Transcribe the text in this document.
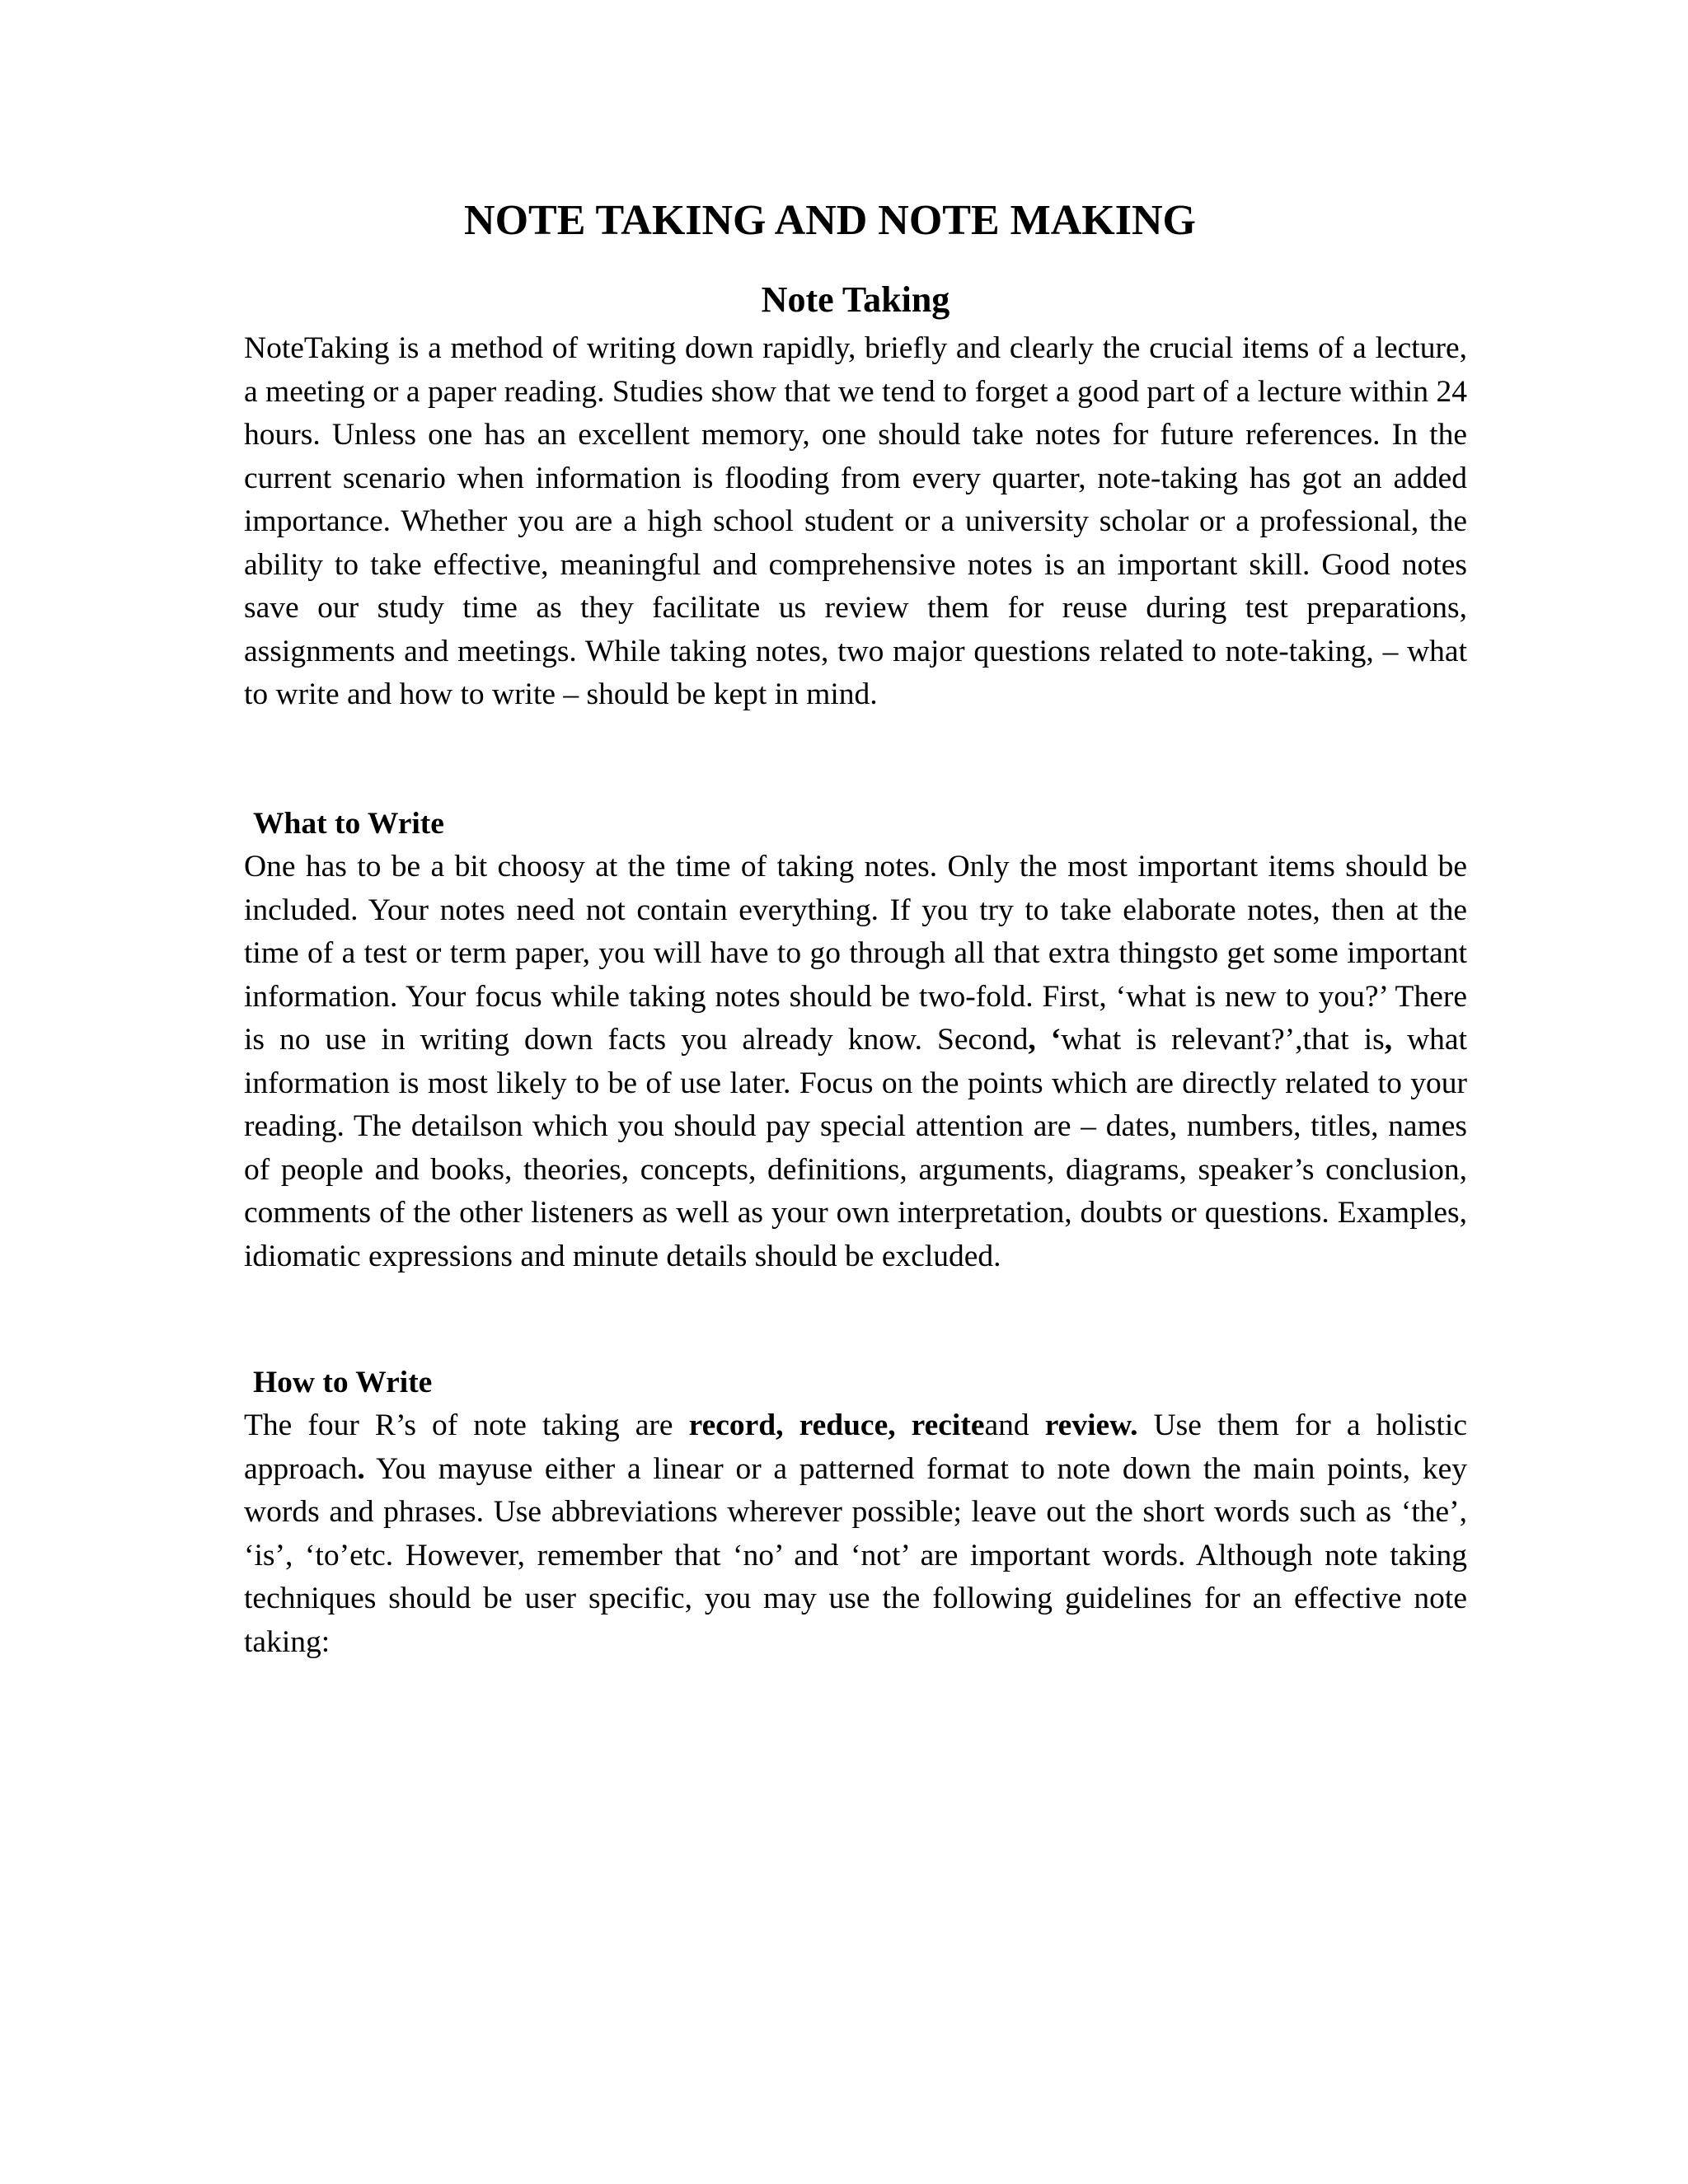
NOTE TAKING AND NOTE MAKING
Note Taking

NoteTaking is a method of writing down rapidly, briefly and clearly the crucial items of a lecture, a meeting or a paper reading. Studies show that we tend to forget a good part of a lecture within 24 hours. Unless one has an excellent memory, one should take notes for future references. In the current scenario when information is flooding from every quarter, note-taking has got an added importance. Whether you are a high school student or a university scholar or a professional, the ability to take effective, meaningful and comprehensive notes is an important skill. Good notes save our study time as they facilitate us review them for reuse during test preparations, assignments and meetings. While taking notes, two major questions related to note-taking, – what to write and how to write – should be kept in mind.

What to Write

One has to be a bit choosy at the time of taking notes. Only the most important items should be included. Your notes need not contain everything. If you try to take elaborate notes, then at the time of a test or term paper, you will have to go through all that extra thingsto get some important information. Your focus while taking notes should be two-fold. First, ‘what is new to you?’ There is no use in writing down facts you already know. Second, ‘what is relevant?’,that is, what information is most likely to be of use later. Focus on the points which are directly related to your reading. The detailson which you should pay special attention are – dates, numbers, titles, names of people and books, theories, concepts, definitions, arguments, diagrams, speaker’s conclusion, comments of the other listeners as well as your own interpretation, doubts or questions. Examples, idiomatic expressions and minute details should be excluded.

How to Write

The four R’s of note taking are record, reduce, reciteand review. Use them for a holistic approach. You mayuse either a linear or a patterned format to note down the main points, key words and phrases. Use abbreviations wherever possible; leave out the short words such as ‘the’, ‘is’, ‘to’etc. However, remember that ‘no’ and ‘not’ are important words. Although note taking techniques should be user specific, you may use the following guidelines for an effective note taking:
